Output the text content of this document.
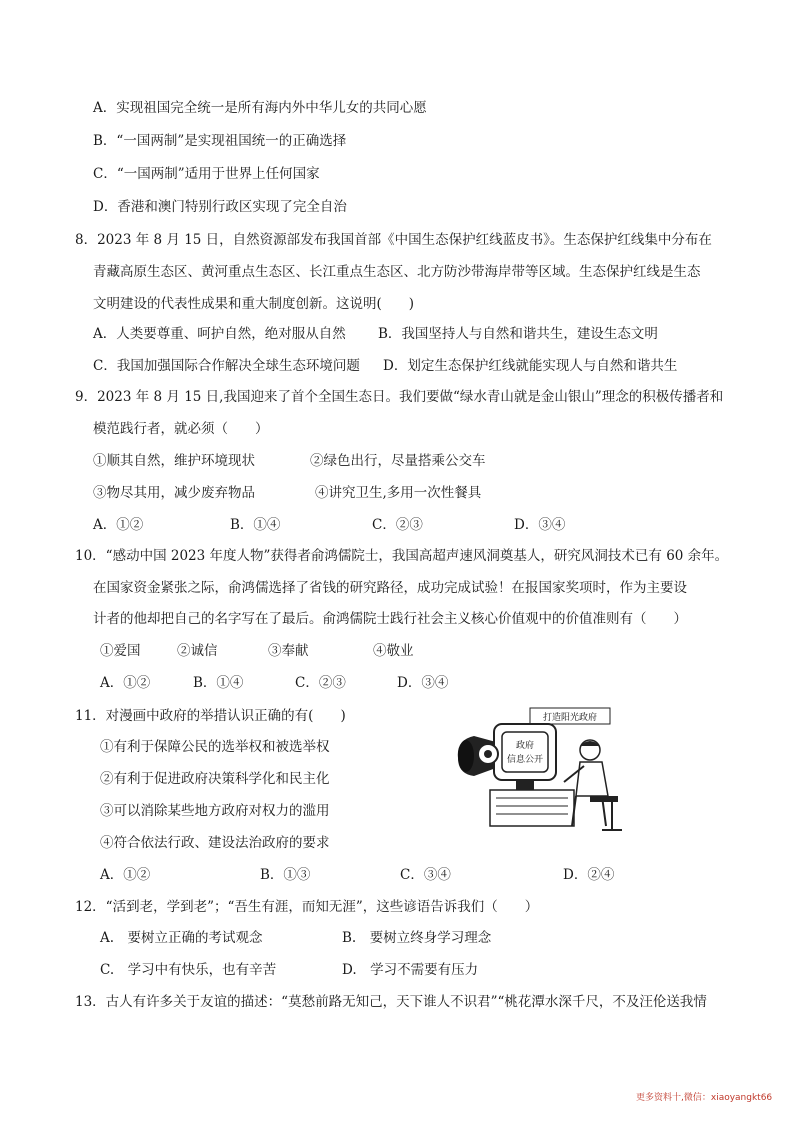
A．实现祖国完全统一是所有海内外中华儿女的共同心愿
B．“一国两制”是实现祖国统一的正确选择
C．“一国两制”适用于世界上任何国家
D．香港和澳门特别行政区实现了完全自治
8．2023 年 8 月 15 日，自然资源部发布我国首部《中国生态保护红线蓝皮书》。生态保护红线集中分布在
青藏高原生态区、黄河重点生态区、长江重点生态区、北方防沙带海岸带等区域。生态保护红线是生态
文明建设的代表性成果和重大制度创新。这说明(　　)
A．人类要尊重、呵护自然，绝对服从自然 B．我国坚持人与自然和谐共生，建设生态文明
C．我国加强国际合作解决全球生态环境问题 D．划定生态保护红线就能实现人与自然和谐共生
9．2023 年 8 月 15 日,我国迎来了首个全国生态日。我们要做“绿水青山就是金山银山”理念的积极传播者和
模范践行者，就必须（　　）
①顺其自然，维护环境现状	②绿色出行，尽量搭乘公交车
③物尽其用，减少废弃物品	④讲究卫生,多用一次性餐具
A．①②	B．①④	C．②③	D．③④
10．“感动中国 2023 年度人物”获得者俞鸿儒院士，我国高超声速风洞奠基人，研究风洞技术已有 60 余年。
在国家资金紧张之际，俞鸿儒选择了省钱的研究路径，成功完成试验！在报国家奖项时，作为主要设
计者的他却把自己的名字写在了最后。俞鸿儒院士践行社会主义核心价值观中的价值准则有（　　）
①爱国	②诚信	③奉献	④敬业
A．①②	B．①④	C．②③	D．③④
11．对漫画中政府的举措认识正确的有(　　)
①有利于保障公民的选举权和被选举权
②有利于促进政府决策科学化和民主化
③可以消除某些地方政府对权力的滥用
④符合依法行政、建设法治政府的要求
A．①②	B．①③	C．③④	D．②④
打造阳光政府
政府
信息公开
12．“活到老，学到老”；“吾生有涯，而知无涯”，这些谚语告诉我们（　　）
A.　要树立正确的考试观念	B.　要树立终身学习理念
C.　学习中有快乐，也有辛苦	D.　学习不需要有压力
13．古人有许多关于友谊的描述：“莫愁前路无知己，天下谁人不识君”“桃花潭水深千尺，不及汪伦送我情
更多资料十,微信：xiaoyangkt66
